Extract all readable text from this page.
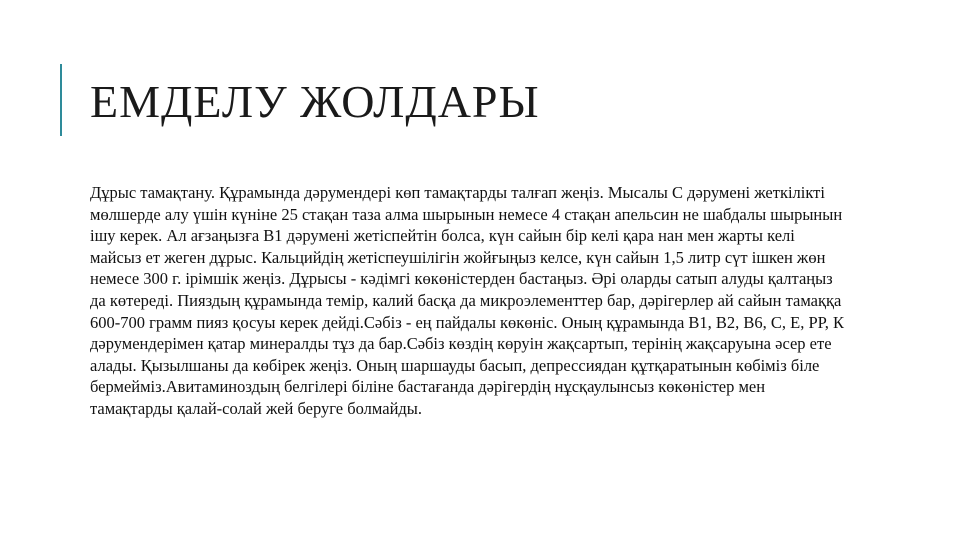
ЕМДЕЛУ ЖОЛДАРЫ

Дұрыс тамақтану. Құрамында дәрумендері көп тамақтарды талғап жеңіз. Мысалы С дәрумені жеткілікті мөлшерде алу үшін күніне 25 стақан таза алма шырынын немесе 4 стақан апельсин не шабдалы шырынын ішу керек. Ал ағзаңызға В1 дәрумені жетіспейтін болса, күн сайын бір келі қара нан мен жарты келі майсыз ет жеген дұрыс. Кальцийдің жетіспеушілігін жойғыңыз келсе, күн сайын 1,5 литр сүт ішкен жөн немесе 300 г. ірімшік жеңіз. Дұрысы - кәдімгі көкөністерден бастаңыз. Әрі оларды сатып алуды қалтаңыз да көтереді. Пияздың құрамында темір, калий басқа да микроэлементтер бар, дәрігерлер ай сайын тамаққа 600-700 грамм пияз қосуы керек дейді.Сәбіз - ең пайдалы көкөніс. Оның құрамында В1, В2, В6, С, Е, РР, К дәрумендерімен қатар минералды тұз да бар.Сәбіз көздің көруін жақсартып, терінің жақсаруына әсер ете алады. Қызылшаны да көбірек жеңіз. Оның шаршауды басып, депрессиядан құтқаратынын көбіміз біле бермейміз.Авитаминоздың белгілері біліне бастағанда дәрігердің нұсқаулынсыз көкөністер мен тамақтарды қалай-солай жей беруге болмайды.
